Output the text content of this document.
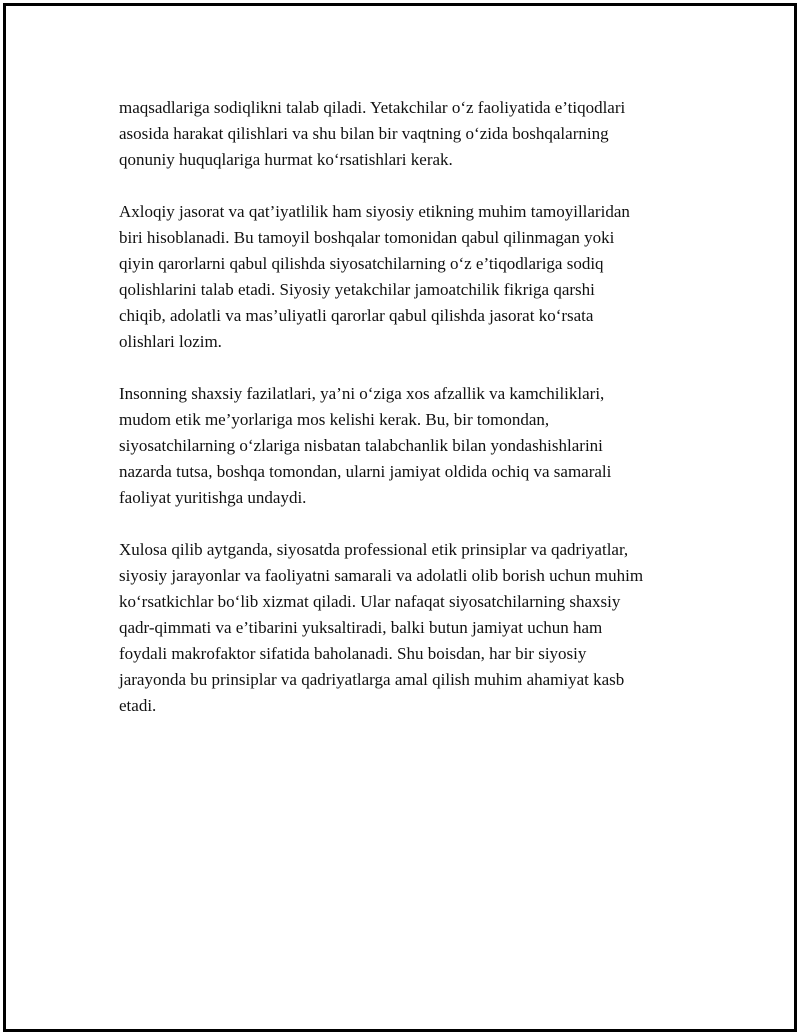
maqsadlariga sodiqlikni talab qiladi. Yetakchilar o‘z faoliyatida e’tiqodlari
asosida harakat qilishlari va shu bilan bir vaqtning o‘zida boshqalarning
qonuniy huquqlariga hurmat ko‘rsatishlari kerak.

Axloqiy jasorat va qat’iyatlilik ham siyosiy etikning muhim tamoyillaridan
biri hisoblanadi. Bu tamoyil boshqalar tomonidan qabul qilinmagan yoki
qiyin qarorlarni qabul qilishda siyosatchilarning o‘z e’tiqodlariga sodiq
qolishlarini talab etadi. Siyosiy yetakchilar jamoatchilik fikriga qarshi
chiqib, adolatli va mas’uliyatli qarorlar qabul qilishda jasorat ko‘rsata
olishlari lozim.

Insonning shaxsiy fazilatlari, ya’ni o‘ziga xos afzallik va kamchiliklari,
mudom etik me’yorlariga mos kelishi kerak. Bu, bir tomondan,
siyosatchilarning o‘zlariga nisbatan talabchanlik bilan yondashishlarini
nazarda tutsa, boshqa tomondan, ularni jamiyat oldida ochiq va samarali
faoliyat yuritishga undaydi.

Xulosa qilib aytganda, siyosatda professional etik prinsiplar va qadriyatlar,
siyosiy jarayonlar va faoliyatni samarali va adolatli olib borish uchun muhim
ko‘rsatkichlar bo‘lib xizmat qiladi. Ular nafaqat siyosatchilarning shaxsiy
qadr-qimmati va e’tibarini yuksaltiradi, balki butun jamiyat uchun ham
foydali makrofaktor sifatida baholanadi. Shu boisdan, har bir siyosiy
jarayonda bu prinsiplar va qadriyatlarga amal qilish muhim ahamiyat kasb
etadi.
